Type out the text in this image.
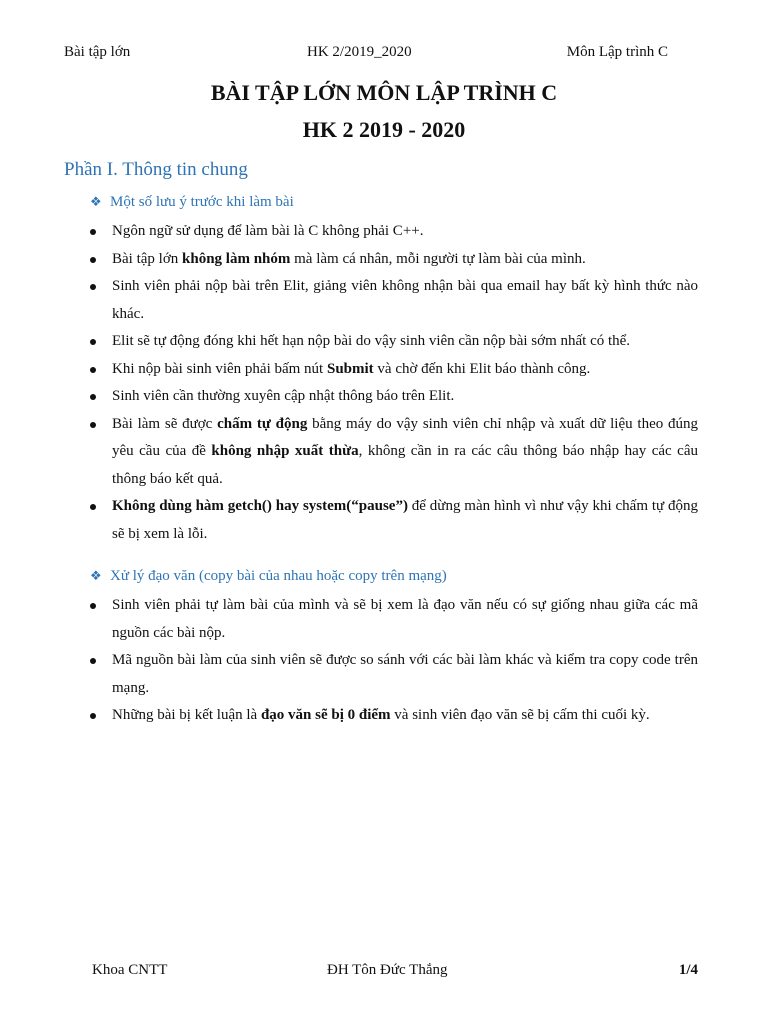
Bài tập lớn	HK 2/2019_2020	Môn Lập trình C
BÀI TẬP LỚN MÔN LẬP TRÌNH C
HK 2 2019 - 2020
Phần I. Thông tin chung
❖ Một số lưu ý trước khi làm bài
Ngôn ngữ sử dụng để làm bài là C không phải C++.
Bài tập lớn không làm nhóm mà làm cá nhân, mỗi người tự làm bài của mình.
Sinh viên phải nộp bài trên Elit, giảng viên không nhận bài qua email hay bất kỳ hình thức nào khác.
Elit sẽ tự động đóng khi hết hạn nộp bài do vậy sinh viên cần nộp bài sớm nhất có thể.
Khi nộp bài sinh viên phải bấm nút Submit và chờ đến khi Elit báo thành công.
Sinh viên cần thường xuyên cập nhật thông báo trên Elit.
Bài làm sẽ được chấm tự động bằng máy do vậy sinh viên chỉ nhập và xuất dữ liệu theo đúng yêu cầu của đề không nhập xuất thừa, không cần in ra các câu thông báo nhập hay các câu thông báo kết quả.
Không dùng hàm getch() hay system(“pause”) để dừng màn hình vì như vậy khi chấm tự động sẽ bị xem là lỗi.
❖ Xử lý đạo văn (copy bài của nhau hoặc copy trên mạng)
Sinh viên phải tự làm bài của mình và sẽ bị xem là đạo văn nếu có sự giống nhau giữa các mã nguồn các bài nộp.
Mã nguồn bài làm của sinh viên sẽ được so sánh với các bài làm khác và kiểm tra copy code trên mạng.
Những bài bị kết luận là đạo văn sẽ bị 0 điểm và sinh viên đạo văn sẽ bị cấm thi cuối kỳ.
Khoa CNTT	ĐH Tôn Đức Thắng	1/4
